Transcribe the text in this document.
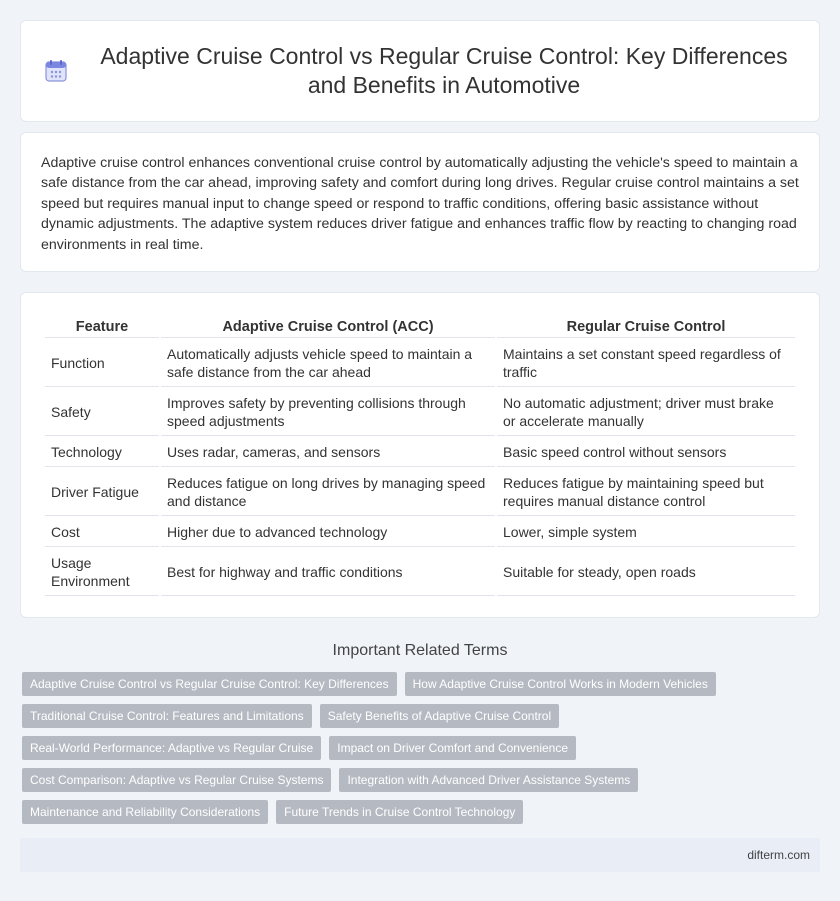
Adaptive Cruise Control vs Regular Cruise Control: Key Differences and Benefits in Automotive

Adaptive cruise control enhances conventional cruise control by automatically adjusting the vehicle's speed to maintain a safe distance from the car ahead, improving safety and comfort during long drives. Regular cruise control maintains a set speed but requires manual input to change speed or respond to traffic conditions, offering basic assistance without dynamic adjustments. The adaptive system reduces driver fatigue and enhances traffic flow by reacting to changing road environments in real time.

Feature	Adaptive Cruise Control (ACC)	Regular Cruise Control
Function	Automatically adjusts vehicle speed to maintain a safe distance from the car ahead	Maintains a set constant speed regardless of traffic
Safety	Improves safety by preventing collisions through speed adjustments	No automatic adjustment; driver must brake or accelerate manually
Technology	Uses radar, cameras, and sensors	Basic speed control without sensors
Driver Fatigue	Reduces fatigue on long drives by managing speed and distance	Reduces fatigue by maintaining speed but requires manual distance control
Cost	Higher due to advanced technology	Lower, simple system
Usage Environment	Best for highway and traffic conditions	Suitable for steady, open roads
Important Related Terms
Adaptive Cruise Control vs Regular Cruise Control: Key Differences	How Adaptive Cruise Control Works in Modern Vehicles
Traditional Cruise Control: Features and Limitations	Safety Benefits of Adaptive Cruise Control
Real-World Performance: Adaptive vs Regular Cruise	Impact on Driver Comfort and Convenience
Cost Comparison: Adaptive vs Regular Cruise Systems	Integration with Advanced Driver Assistance Systems
Maintenance and Reliability Considerations	Future Trends in Cruise Control Technology
difterm.com
